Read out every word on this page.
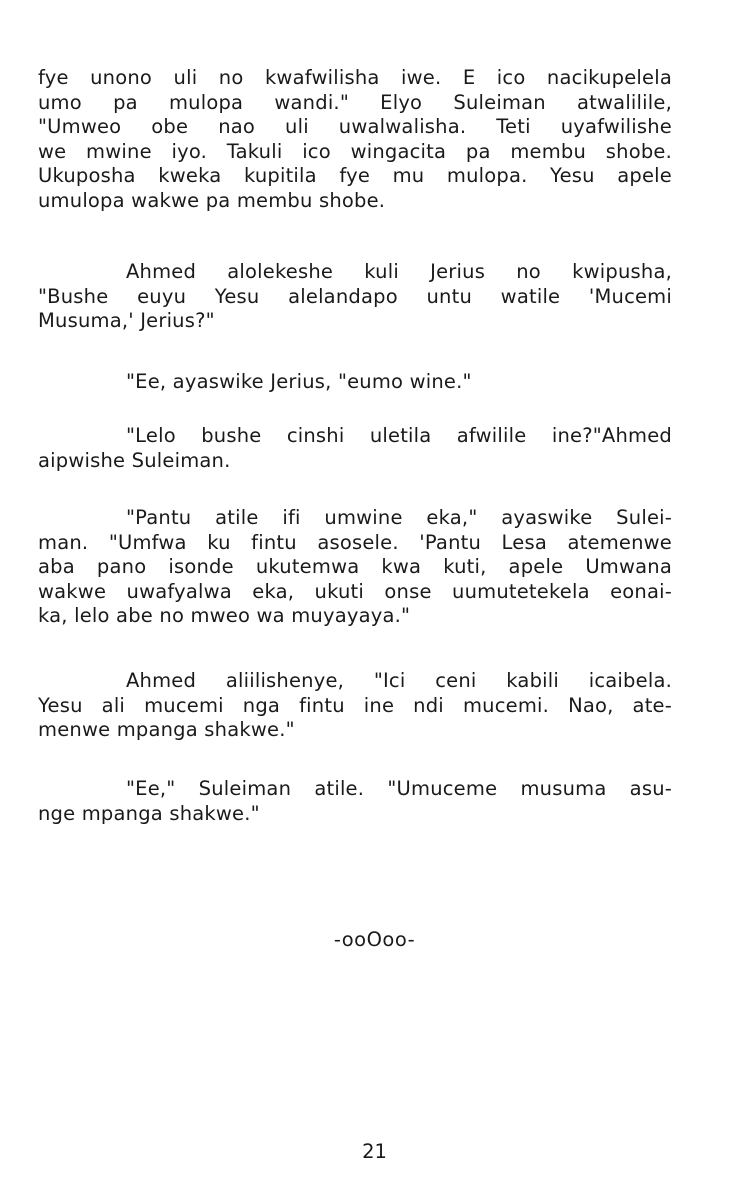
fye unono uli no kwafwilisha iwe. E ico nacikupelela
umo pa mulopa wandi." Elyo Suleiman atwalilile,
"Umweo obe nao uli uwalwalisha. Teti uyafwilishe
we mwine iyo. Takuli ico wingacita pa membu shobe.
Ukuposha kweka kupitila fye mu mulopa. Yesu apele
umulopa wakwe pa membu shobe.
Ahmed alolekeshe kuli Jerius no kwipusha,
"Bushe euyu Yesu alelandapo untu watile 'Mucemi
Musuma,' Jerius?"
"Ee, ayaswike Jerius, "eumo wine."
"Lelo bushe cinshi uletila afwilile ine?"Ahmed
aipwishe Suleiman.
"Pantu atile ifi umwine eka," ayaswike Sulei-
man. "Umfwa ku fintu asosele. 'Pantu Lesa atemenwe
aba pano isonde ukutemwa kwa kuti, apele Umwana
wakwe uwafyalwa eka, ukuti onse uumutetekela eonai-
ka, lelo abe no mweo wa muyayaya."
Ahmed aliilishenye, "Ici ceni kabili icaibela.
Yesu ali mucemi nga fintu ine ndi mucemi. Nao, ate-
menwe mpanga shakwe."
"Ee," Suleiman atile. "Umuceme musuma asu-
nge mpanga shakwe."
-ooOoo-
21
